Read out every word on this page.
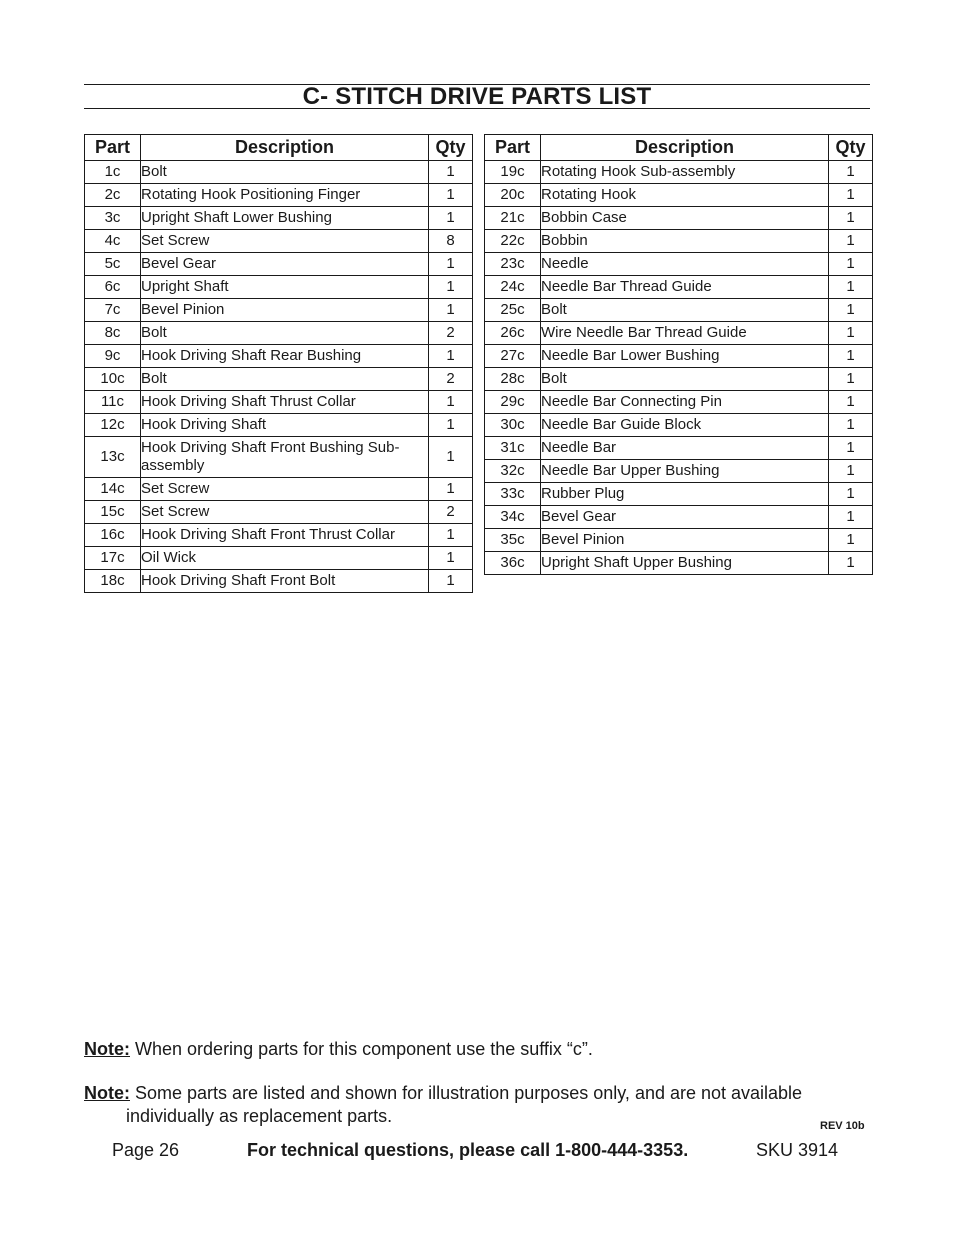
C- STITCH DRIVE PARTS LIST
Part	Description	Qty
1c	Bolt	1
2c	Rotating Hook Positioning Finger	1
3c	Upright Shaft Lower Bushing	1
4c	Set Screw	8
5c	Bevel Gear	1
6c	Upright Shaft	1
7c	Bevel Pinion	1
8c	Bolt	2
9c	Hook Driving Shaft Rear Bushing	1
10c	Bolt	2
11c	Hook Driving Shaft Thrust Collar	1
12c	Hook Driving Shaft	1
13c	Hook Driving Shaft Front Bushing Sub-assembly	1
14c	Set Screw	1
15c	Set Screw	2
16c	Hook Driving Shaft Front Thrust Collar	1
17c	Oil Wick	1
18c	Hook Driving Shaft Front Bolt	1
Part	Description	Qty
19c	Rotating Hook Sub-assembly	1
20c	Rotating Hook	1
21c	Bobbin Case	1
22c	Bobbin	1
23c	Needle	1
24c	Needle Bar Thread Guide	1
25c	Bolt	1
26c	Wire Needle Bar Thread Guide	1
27c	Needle Bar Lower Bushing	1
28c	Bolt	1
29c	Needle Bar Connecting Pin	1
30c	Needle Bar Guide Block	1
31c	Needle Bar	1
32c	Needle Bar Upper Bushing	1
33c	Rubber Plug	1
34c	Bevel Gear	1
35c	Bevel Pinion	1
36c	Upright Shaft Upper Bushing	1
Note: When ordering parts for this component use the suffix “c”.
Note: Some parts are listed and shown for illustration purposes only, and are not available
individually as replacement parts.	REV 10b
Page 26	For technical questions, please call 1-800-444-3353.	SKU 3914
